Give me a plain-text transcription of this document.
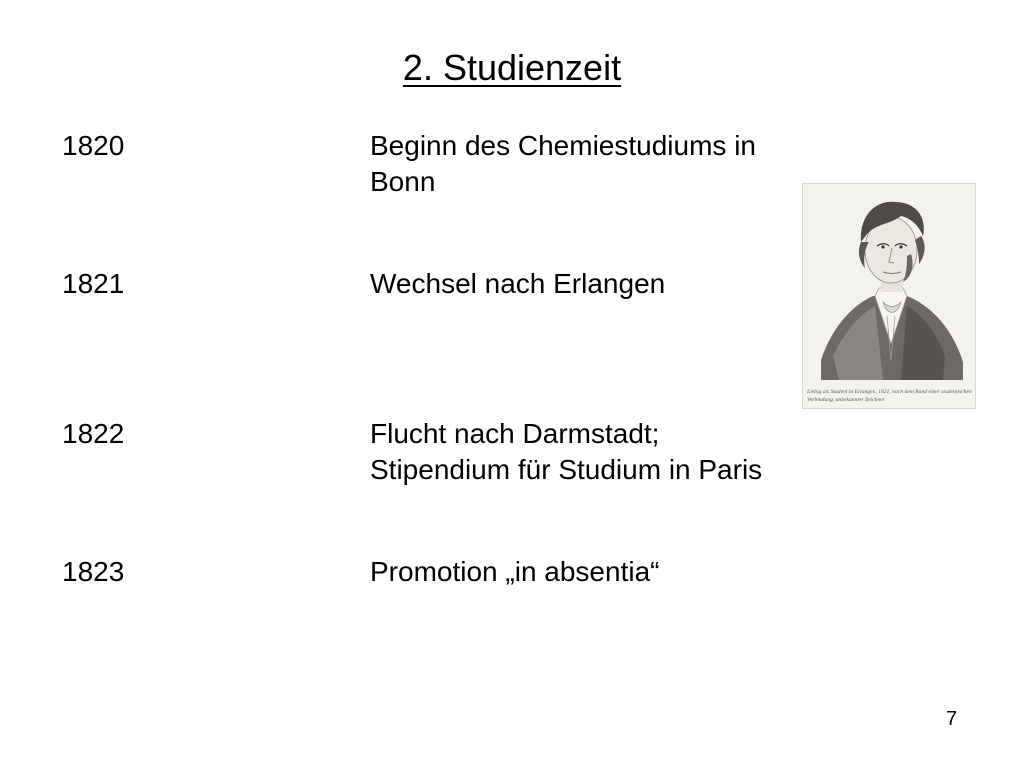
2. Studienzeit
1820	Beginn des Chemiestudiums in
Bonn
1821	Wechsel nach Erlangen
1822	Flucht nach Darmstadt;
Stipendium für Studium in Paris
1823	Promotion „in absentia“
Liebig als Student in Erlangen, 1821, nach dem Band einer studentischen
Verbindung, unbekannter Zeichner
7
